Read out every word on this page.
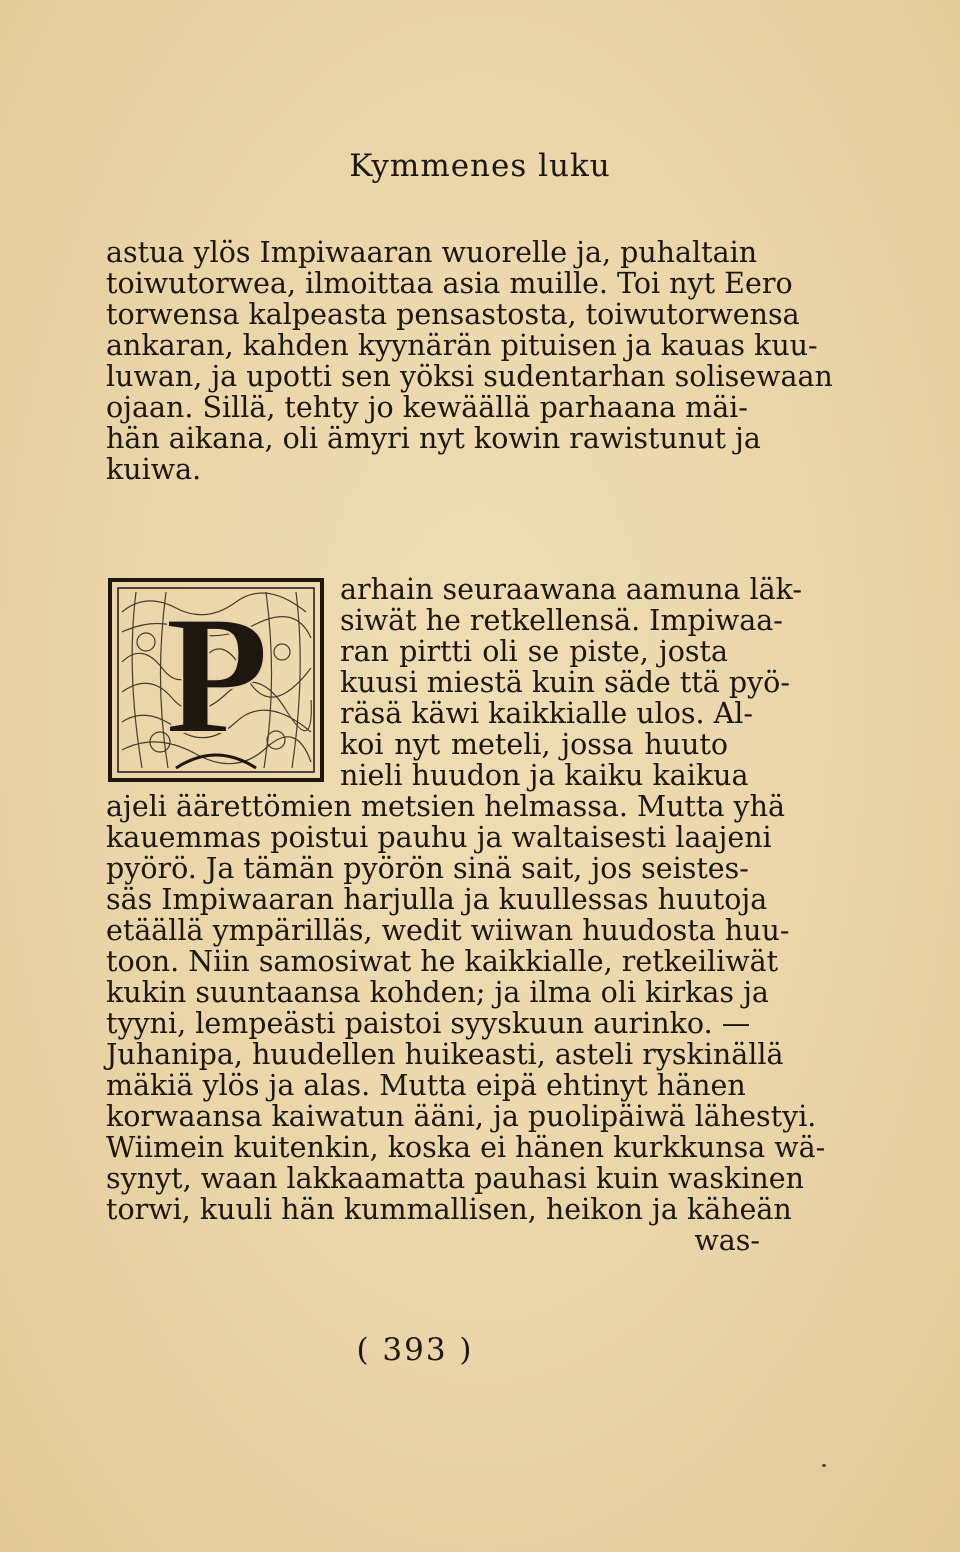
Kymmenes luku
astua ylös Impiwaaran wuorelle ja, puhaltain
toiwutorwea, ilmoittaa asia muille. Toi nyt Eero
torwensa kalpeasta pensastosta, toiwutorwensa
ankaran, kahden kyynärän pituisen ja kauas kuu-
luwan, ja upotti sen yöksi sudentarhan solisewaan
ojaan. Sillä, tehty jo kewäällä parhaana mäi-
hän aikana, oli ämyri nyt kowin rawistunut ja
kuiwa.
P arhain seuraawana aamuna läk-
siwät he retkellensä. Impiwaa-
ran pirtti oli se piste, josta
kuusi miestä kuin säde ttä pyö-
räsä käwi kaikkialle ulos. Al-
koi nyt meteli, jossa huuto
nieli huudon ja kaiku kaikua
ajeli äärettömien metsien helmassa. Mutta yhä
kauemmas poistui pauhu ja waltaisesti laajeni
pyörö. Ja tämän pyörön sinä sait, jos seistes-
säs Impiwaaran harjulla ja kuullessas huutoja
etäällä ympärilläs, wedit wiiwan huudosta huu-
toon. Niin samosiwat he kaikkialle, retkeiliwät
kukin suuntaansa kohden; ja ilma oli kirkas ja
tyyni, lempeästi paistoi syyskuun aurinko. —
Juhanipa, huudellen huikeasti, asteli ryskinällä
mäkiä ylös ja alas. Mutta eipä ehtinyt hänen
korwaansa kaiwatun ääni, ja puolipäiwä lähestyi.
Wiimein kuitenkin, koska ei hänen kurkkunsa wä-
synyt, waan lakkaamatta pauhasi kuin waskinen
torwi, kuuli hän kummallisen, heikon ja käheän
was-
( 393 )
